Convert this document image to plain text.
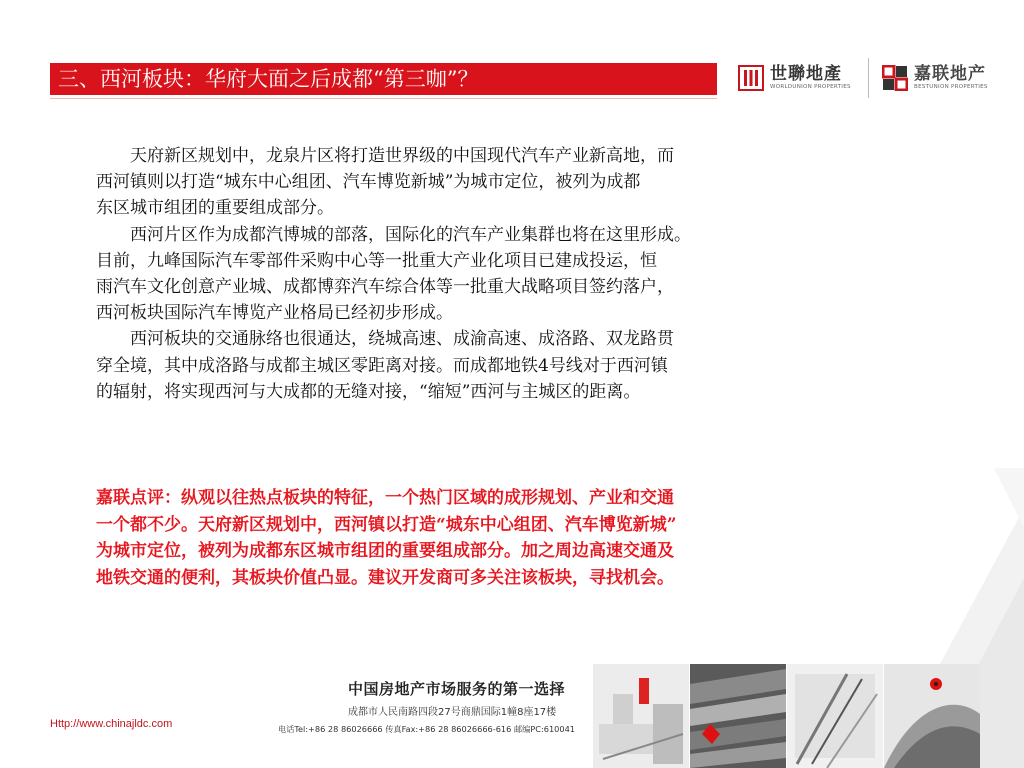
三、西河板块：华府大面之后成都“第三咖”？	世聯地產
WORLDUNION PROPERTIES
嘉联地产
BESTUNION PROPERTIES

天府新区规划中，龙泉片区将打造世界级的中国现代汽车产业新高地，而

西河镇则以打造“城东中心组团、汽车博览新城”为城市定位，被列为成都

东区城市组团的重要组成部分。

西河片区作为成都汽博城的部落，国际化的汽车产业集群也将在这里形成。

目前，九峰国际汽车零部件采购中心等一批重大产业化项目已建成投运，恒

雨汽车文化创意产业城、成都博弈汽车综合体等一批重大战略项目签约落户，

西河板块国际汽车博览产业格局已经初步形成。

西河板块的交通脉络也很通达，绕城高速、成渝高速、成洛路、双龙路贯

穿全境，其中成洛路与成都主城区零距离对接。而成都地铁4号线对于西河镇

的辐射，将实现西河与大成都的无缝对接，“缩短”西河与主城区的距离。

嘉联点评：纵观以往热点板块的特征，一个热门区域的成形规划、产业和交通

一个都不少。天府新区规划中，西河镇以打造“城东中心组团、汽车博览新城”

为城市定位，被列为成都东区城市组团的重要组成部分。加之周边高速交通及

地铁交通的便利，其板块价值凸显。建议开发商可多关注该板块，寻找机会。

Http://www.chinajldc.com
中国房地产市场服务的第一选择
成都市人民南路四段27号商鼎国际1幢8座17楼
电话Tel:+86 28 86026666 传真Fax:+86 28 86026666-616 邮编PC:610041
